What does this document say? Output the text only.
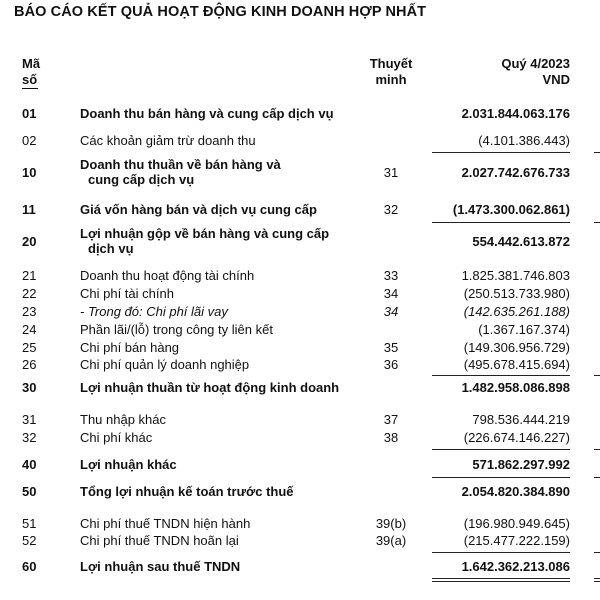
BÁO CÁO KẾT QUẢ HOẠT ĐỘNG KINH DOANH HỢP NHẤT
Mã
số
Thuyết
minh
Quý 4/2023
VND
01	Doanh thu bán hàng và cung cấp dịch vụ	2.031.844.063.176
02	Các khoản giảm trừ doanh thu	(4.101.386.443)
10
Doanh thu thuần về bán hàng và
cung cấp dịch vụ	31	2.027.742.676.733
11	Giá vốn hàng bán và dịch vụ cung cấp	32	(1.473.300.062.861)
20
Lợi nhuận gộp về bán hàng và cung cấp
dịch vụ	554.442.613.872
21	Doanh thu hoạt động tài chính	33	1.825.381.746.803
22	Chi phí tài chính	34	(250.513.733.980)
23	- Trong đó: Chi phí lãi vay	34	(142.635.261.188)
24	Phần lãi/(lỗ) trong công ty liên kết	(1.367.167.374)
25	Chi phí bán hàng	35	(149.306.956.729)
26	Chi phí quản lý doanh nghiệp	36	(495.678.415.694)
30	Lợi nhuận thuần từ hoạt động kinh doanh	1.482.958.086.898
31	Thu nhập khác	37	798.536.444.219
32	Chi phí khác	38	(226.674.146.227)
40	Lợi nhuận khác	571.862.297.992
50	Tổng lợi nhuận kế toán trước thuế	2.054.820.384.890
51	Chi phí thuế TNDN hiện hành	39(b)	(196.980.949.645)
52	Chi phí thuế TNDN hoãn lại	39(a)	(215.477.222.159)
60	Lợi nhuận sau thuế TNDN	1.642.362.213.086
